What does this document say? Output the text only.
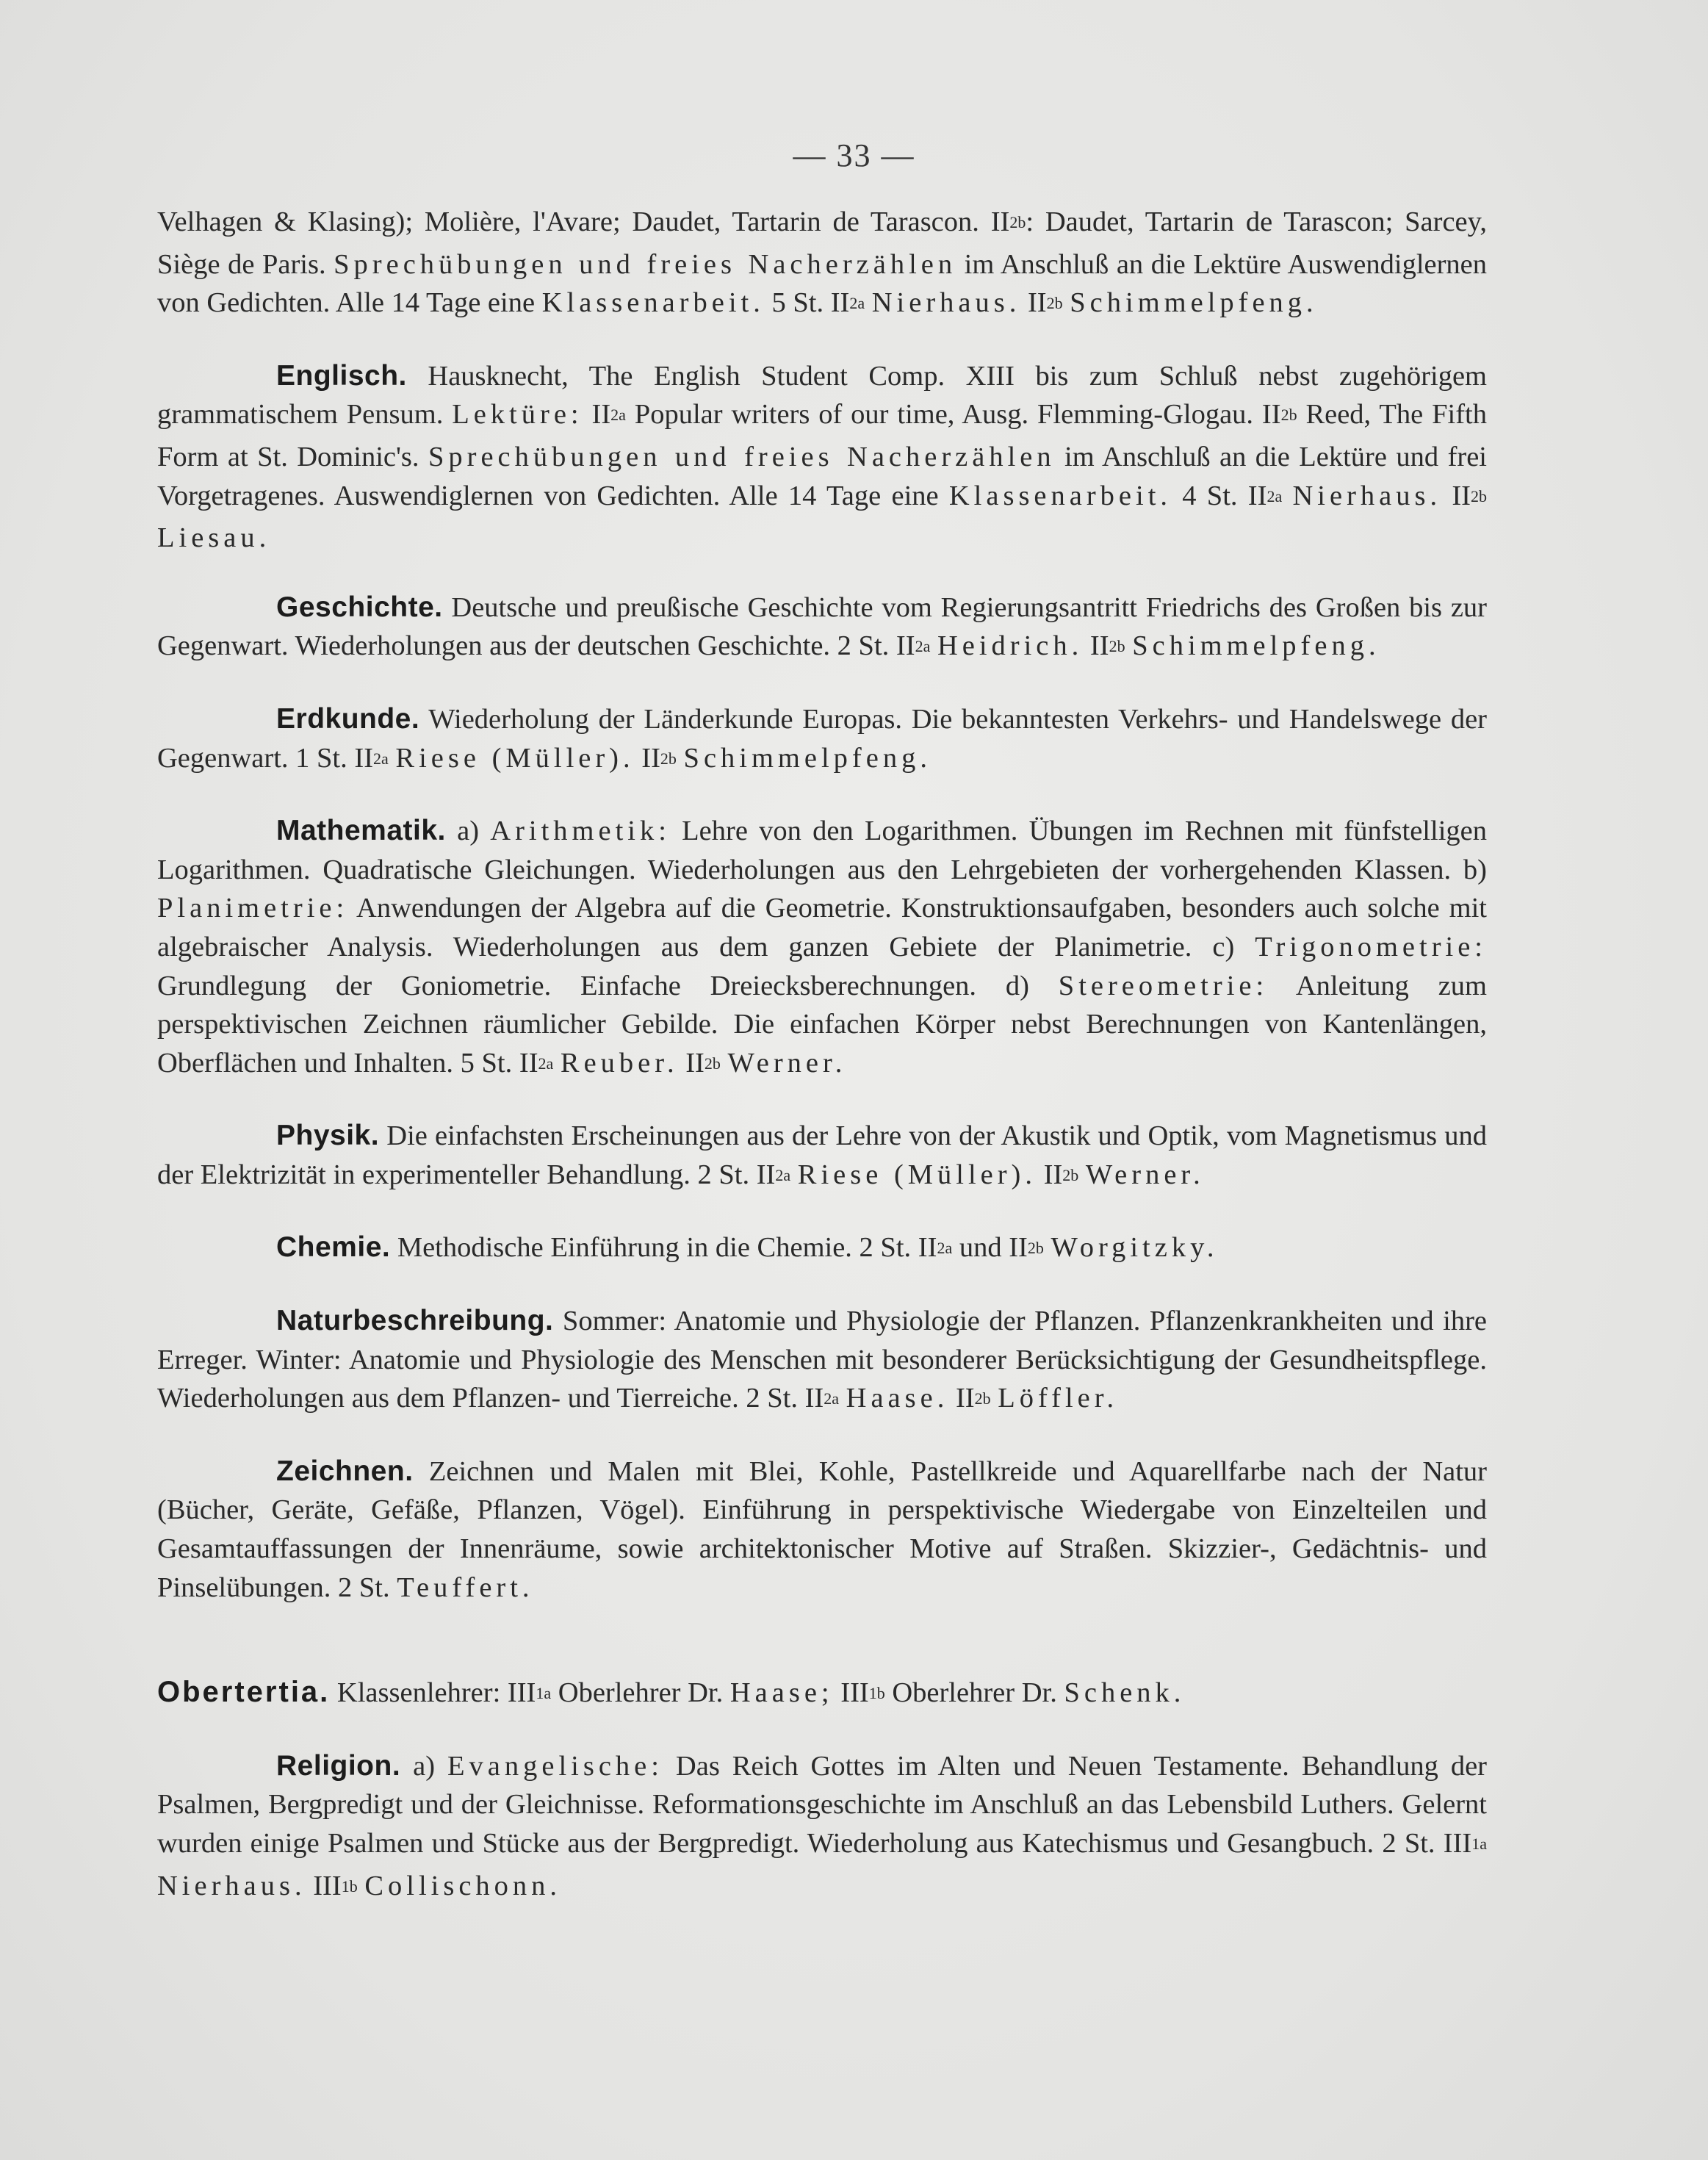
— 33 —

Velhagen & Klasing); Molière, l'Avare; Daudet, Tartarin de Tarascon. II2b: Daudet, Tartarin de Tarascon; Sarcey, Siège de Paris. Sprechübungen und freies Nacherzählen im Anschluß an die Lektüre Auswendiglernen von Gedichten. Alle 14 Tage eine Klassenarbeit. 5 St. II2a Nierhaus. II2b Schimmelpfeng.

Englisch. Hausknecht, The English Student Comp. XIII bis zum Schluß nebst zugehörigem grammatischem Pensum. Lektüre: II2a Popular writers of our time, Ausg. Flemming-Glogau. II2b Reed, The Fifth Form at St. Dominic's. Sprechübungen und freies Nacherzählen im Anschluß an die Lektüre und frei Vorgetragenes. Auswendiglernen von Gedichten. Alle 14 Tage eine Klassenarbeit. 4 St. II2a Nierhaus. II2b Liesau.

Geschichte. Deutsche und preußische Geschichte vom Regierungsantritt Friedrichs des Großen bis zur Gegenwart. Wiederholungen aus der deutschen Geschichte. 2 St. II2a Heidrich. II2b Schimmelpfeng.

Erdkunde. Wiederholung der Länderkunde Europas. Die bekanntesten Verkehrs- und Handelswege der Gegenwart. 1 St. II2a Riese (Müller). II2b Schimmelpfeng.

Mathematik. a) Arithmetik: Lehre von den Logarithmen. Übungen im Rechnen mit fünfstelligen Logarithmen. Quadratische Gleichungen. Wiederholungen aus den Lehrgebieten der vorhergehenden Klassen. b) Planimetrie: Anwendungen der Algebra auf die Geometrie. Konstruktionsaufgaben, besonders auch solche mit algebraischer Analysis. Wiederholungen aus dem ganzen Gebiete der Planimetrie. c) Trigonometrie: Grundlegung der Goniometrie. Einfache Dreiecksberechnungen. d) Stereometrie: Anleitung zum perspektivischen Zeichnen räumlicher Gebilde. Die einfachen Körper nebst Berechnungen von Kantenlängen, Oberflächen und Inhalten. 5 St. II2a Reuber. II2b Werner.

Physik. Die einfachsten Erscheinungen aus der Lehre von der Akustik und Optik, vom Magnetismus und der Elektrizität in experimenteller Behandlung. 2 St. II2a Riese (Müller). II2b Werner.

Chemie. Methodische Einführung in die Chemie. 2 St. II2a und II2b Worgitzky.

Naturbeschreibung. Sommer: Anatomie und Physiologie der Pflanzen. Pflanzenkrankheiten und ihre Erreger. Winter: Anatomie und Physiologie des Menschen mit besonderer Berücksichtigung der Gesundheitspflege. Wiederholungen aus dem Pflanzen- und Tierreiche. 2 St. II2a Haase. II2b Löffler.

Zeichnen. Zeichnen und Malen mit Blei, Kohle, Pastellkreide und Aquarellfarbe nach der Natur (Bücher, Geräte, Gefäße, Pflanzen, Vögel). Einführung in perspektivische Wiedergabe von Einzelteilen und Gesamtauffassungen der Innenräume, sowie architektonischer Motive auf Straßen. Skizzier-, Gedächtnis- und Pinselübungen. 2 St. Teuffert.

Obertertia. Klassenlehrer: III1a Oberlehrer Dr. Haase; III1b Oberlehrer Dr. Schenk.

Religion. a) Evangelische: Das Reich Gottes im Alten und Neuen Testamente. Behandlung der Psalmen, Bergpredigt und der Gleichnisse. Reformationsgeschichte im Anschluß an das Lebensbild Luthers. Gelernt wurden einige Psalmen und Stücke aus der Bergpredigt. Wiederholung aus Katechismus und Gesangbuch. 2 St. III1a Nierhaus. III1b Collischonn.
